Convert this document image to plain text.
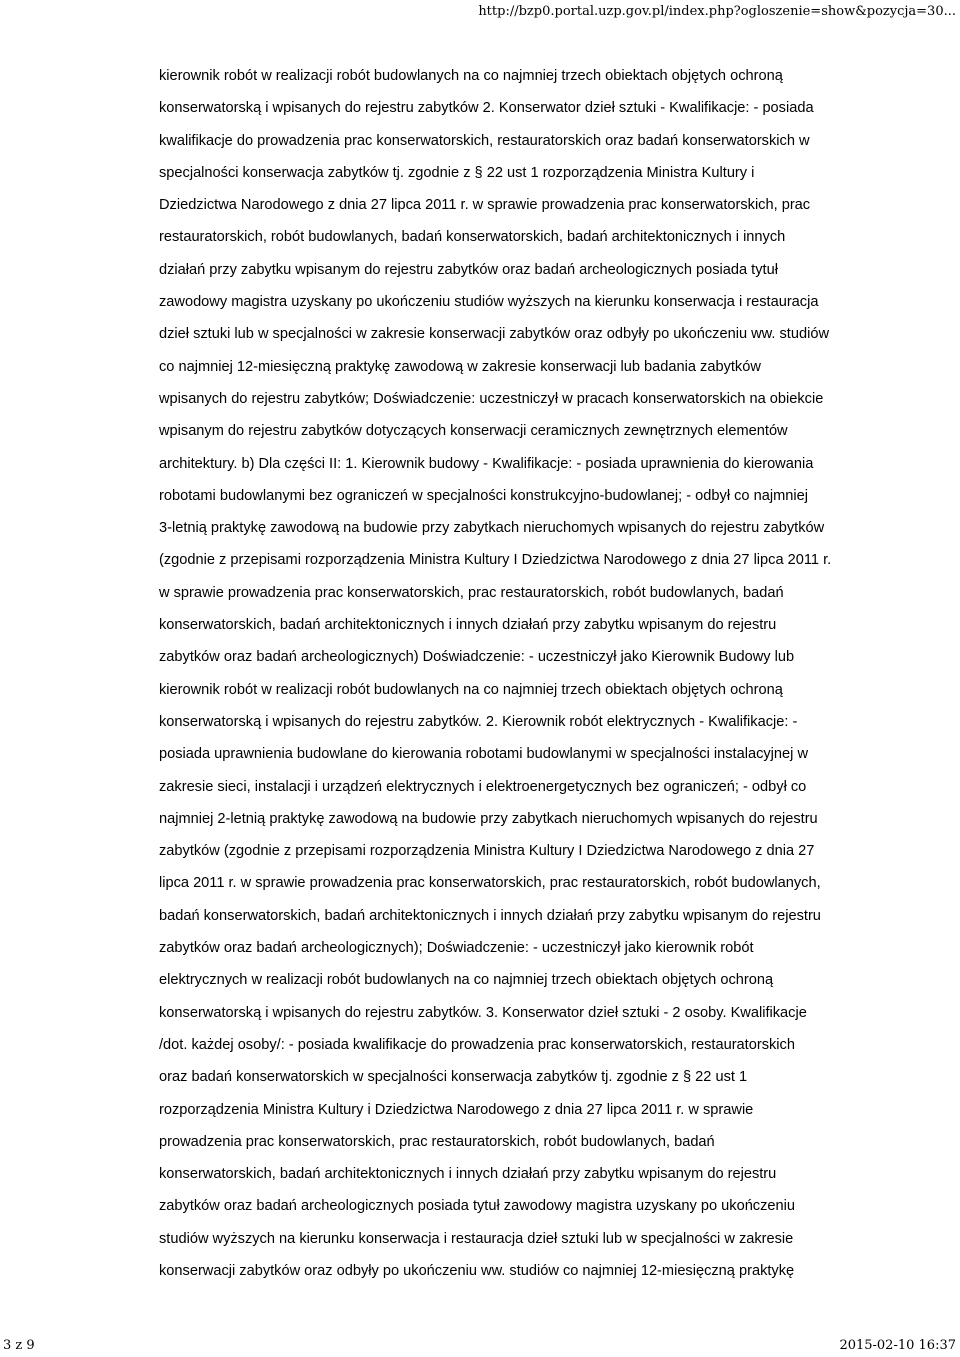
http://bzp0.portal.uzp.gov.pl/index.php?ogloszenie=show&pozycja=30...
kierownik robót w realizacji robót budowlanych na co najmniej trzech obiektach objętych ochroną
konserwatorską i wpisanych do rejestru zabytków 2. Konserwator dzieł sztuki - Kwalifikacje: - posiada
kwalifikacje do prowadzenia prac konserwatorskich, restauratorskich oraz badań konserwatorskich w
specjalności konserwacja zabytków tj. zgodnie z § 22 ust 1 rozporządzenia Ministra Kultury i
Dziedzictwa Narodowego z dnia 27 lipca 2011 r. w sprawie prowadzenia prac konserwatorskich, prac
restauratorskich, robót budowlanych, badań konserwatorskich, badań architektonicznych i innych
działań przy zabytku wpisanym do rejestru zabytków oraz badań archeologicznych posiada tytuł
zawodowy magistra uzyskany po ukończeniu studiów wyższych na kierunku konserwacja i restauracja
dzieł sztuki lub w specjalności w zakresie konserwacji zabytków oraz odbyły po ukończeniu ww. studiów
co najmniej 12-miesięczną praktykę zawodową w zakresie konserwacji lub badania zabytków
wpisanych do rejestru zabytków; Doświadczenie: uczestniczył w pracach konserwatorskich na obiekcie
wpisanym do rejestru zabytków dotyczących konserwacji ceramicznych zewnętrznych elementów
architektury. b) Dla części II: 1. Kierownik budowy - Kwalifikacje: - posiada uprawnienia do kierowania
robotami budowlanymi bez ograniczeń w specjalności konstrukcyjno-budowlanej; - odbył co najmniej
3-letnią praktykę zawodową na budowie przy zabytkach nieruchomych wpisanych do rejestru zabytków
(zgodnie z przepisami rozporządzenia Ministra Kultury I Dziedzictwa Narodowego z dnia 27 lipca 2011 r.
w sprawie prowadzenia prac konserwatorskich, prac restauratorskich, robót budowlanych, badań
konserwatorskich, badań architektonicznych i innych działań przy zabytku wpisanym do rejestru
zabytków oraz badań archeologicznych) Doświadczenie: - uczestniczył jako Kierownik Budowy lub
kierownik robót w realizacji robót budowlanych na co najmniej trzech obiektach objętych ochroną
konserwatorską i wpisanych do rejestru zabytków. 2. Kierownik robót elektrycznych - Kwalifikacje: -
posiada uprawnienia budowlane do kierowania robotami budowlanymi w specjalności instalacyjnej w
zakresie sieci, instalacji i urządzeń elektrycznych i elektroenergetycznych bez ograniczeń; - odbył co
najmniej 2-letnią praktykę zawodową na budowie przy zabytkach nieruchomych wpisanych do rejestru
zabytków (zgodnie z przepisami rozporządzenia Ministra Kultury I Dziedzictwa Narodowego z dnia 27
lipca 2011 r. w sprawie prowadzenia prac konserwatorskich, prac restauratorskich, robót budowlanych,
badań konserwatorskich, badań architektonicznych i innych działań przy zabytku wpisanym do rejestru
zabytków oraz badań archeologicznych); Doświadczenie: - uczestniczył jako kierownik robót
elektrycznych w realizacji robót budowlanych na co najmniej trzech obiektach objętych ochroną
konserwatorską i wpisanych do rejestru zabytków. 3. Konserwator dzieł sztuki - 2 osoby. Kwalifikacje
/dot. każdej osoby/: - posiada kwalifikacje do prowadzenia prac konserwatorskich, restauratorskich
oraz badań konserwatorskich w specjalności konserwacja zabytków tj. zgodnie z § 22 ust 1
rozporządzenia Ministra Kultury i Dziedzictwa Narodowego z dnia 27 lipca 2011 r. w sprawie
prowadzenia prac konserwatorskich, prac restauratorskich, robót budowlanych, badań
konserwatorskich, badań architektonicznych i innych działań przy zabytku wpisanym do rejestru
zabytków oraz badań archeologicznych posiada tytuł zawodowy magistra uzyskany po ukończeniu
studiów wyższych na kierunku konserwacja i restauracja dzieł sztuki lub w specjalności w zakresie
konserwacji zabytków oraz odbyły po ukończeniu ww. studiów co najmniej 12-miesięczną praktykę
3 z 9	2015-02-10 16:37
